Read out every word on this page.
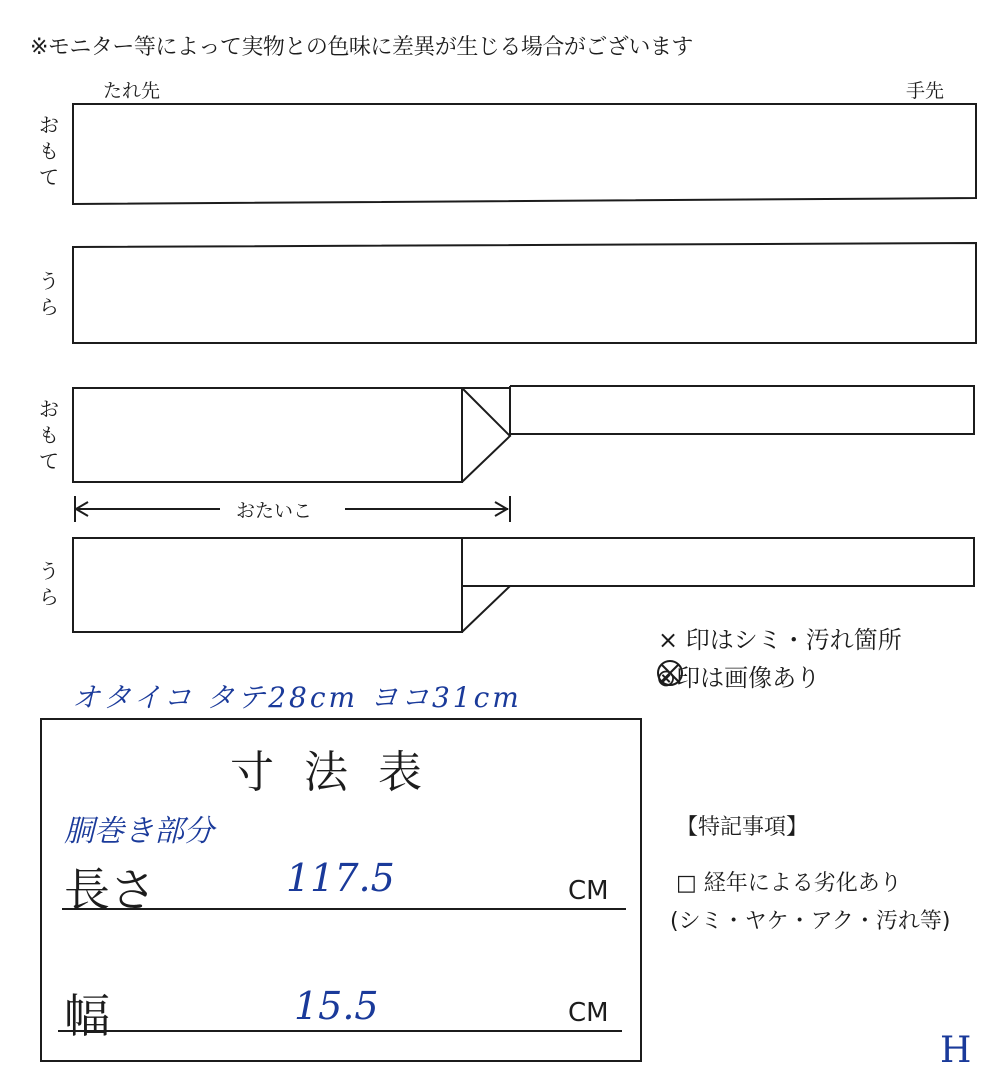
※モニター等によって実物との色味に差異が生じる場合がございます
たれ先	手先
お
も
て
う
ら
お
も
て
う
ら
おたいこ
× 印はシミ・汚れ箇所
⊗印は画像あり
オタイコ タテ28cm ヨコ31cm
寸法表
胴巻き部分
長さ	117.5	CM
幅	15.5	CM
【特記事項】
□ 経年による劣化あり
(シミ・ヤケ・アク・汚れ等)
H
